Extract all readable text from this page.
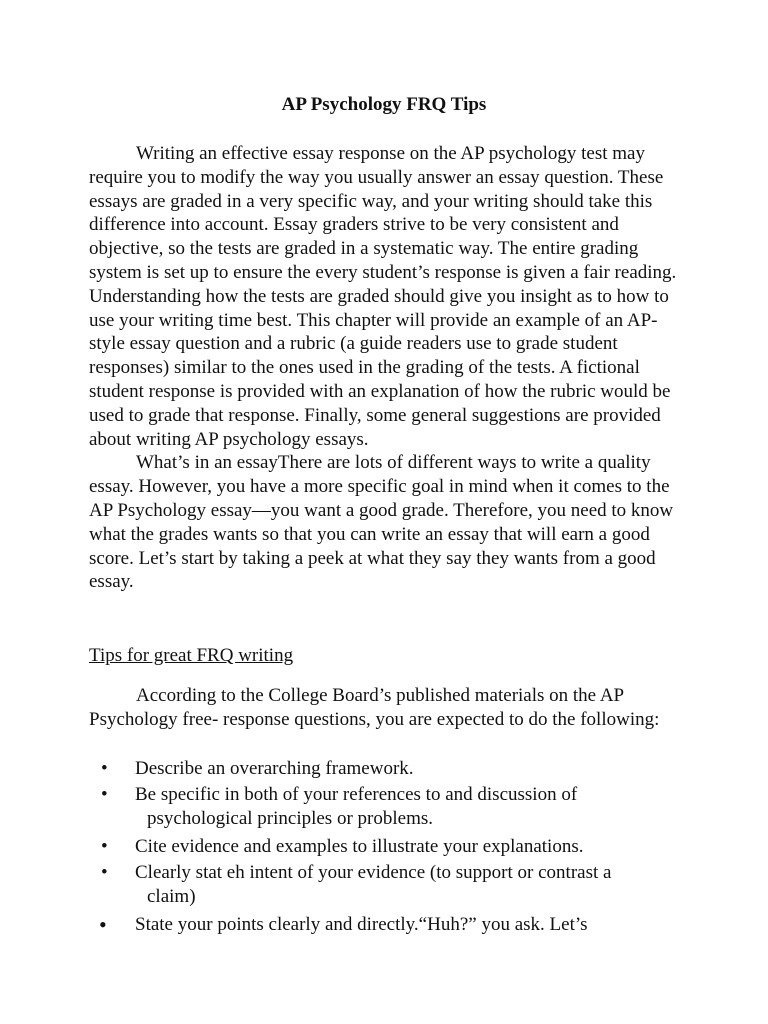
AP Psychology FRQ Tips

Writing an effective essay response on the AP psychology test may require you to modify the way you usually answer an essay question. These essays are graded in a very specific way, and your writing should take this difference into account. Essay graders strive to be very consistent and objective, so the tests are graded in a systematic way. The entire grading system is set up to ensure the every student’s response is given a fair reading. Understanding how the tests are graded should give you insight as to how to use your writing time best. This chapter will provide an example of an AP-style essay question and a rubric (a guide readers use to grade student responses) similar to the ones used in the grading of the tests. A fictional student response is provided with an explanation of how the rubric would be used to grade that response. Finally, some general suggestions are provided about writing AP psychology essays.

What’s in an essayThere are lots of different ways to write a quality essay. However, you have a more specific goal in mind when it comes to the AP Psychology essay—you want a good grade. Therefore, you need to know what the grades wants so that you can write an essay that will earn a good score. Let’s start by taking a peek at what they say they wants from a good essay.

Tips for great FRQ writing

According to the College Board’s published materials on the AP Psychology free- response questions, you are expected to do the following:

• Describe an overarching framework.
• Be specific in both of your references to and discussion of
psychological principles or problems.
• Cite evidence and examples to illustrate your explanations.
• Clearly stat eh intent of your evidence (to support or contrast a
claim)
• State your points clearly and directly.“Huh?” you ask. Let’s
